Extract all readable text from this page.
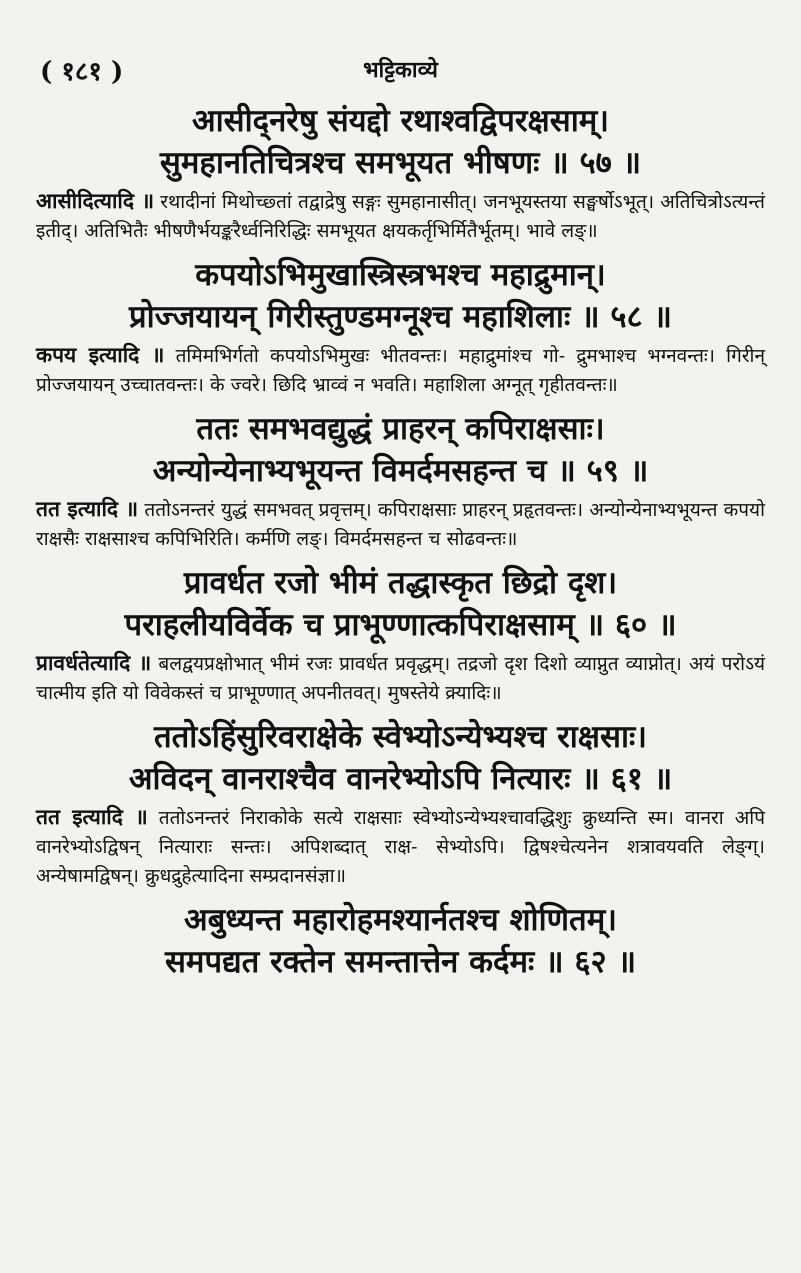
( १८१ )	भट्टिकाव्ये

आसीद्नरेषु संयद्दो रथाश्वद्विपरक्षसाम्।

सुमहानतिचित्रश्च समभूयत भीषणः ॥ ५७ ॥

आसीदित्यादि ॥ रथादीनां मिथोच्छ्तां तद्वाद्रेषु सङ्गः सुमहानासीत्। जनभूयस्तया सङ्घर्षोऽभूत्। अतिचित्रोऽत्यन्तं इतीद्। अतिभितैः भीषणैर्भयङ्करैर्ध्वनिरिद्धिः समभूयत क्षयकर्तृभिर्मितैर्भूतम्। भावे लङ्॥

कपयोऽभिमुखास्त्रिस्त्रभश्च महाद्रुमान्।

प्रोज्जयायन् गिरीस्तुण्डमग्नूश्च महाशिलाः ॥ ५८ ॥

कपय इत्यादि ॥ तमिमभिर्गतो कपयोऽभिमुखः भीतवन्तः। महाद्रुमांश्च गो- द्रुमभाश्च भग्नवन्तः। गिरीन् प्रोज्जयायन् उच्चातवन्तः। के ज्वरे। छिदि भ्राव्वं न भवति। महाशिला अग्नूत् गृहीतवन्तः॥

ततः समभवद्युद्धं प्राहरन् कपिराक्षसाः।

अन्योन्येनाभ्यभूयन्त विमर्दमसहन्त च ॥ ५९ ॥

तत इत्यादि ॥ ततोऽनन्तरं युद्धं समभवत् प्रवृत्तम्। कपिराक्षसाः प्राहरन् प्रहृतवन्तः। अन्योन्येनाभ्यभूयन्त कपयो राक्षसैः राक्षसाश्च कपिभिरिति। कर्मणि लङ्। विमर्दमसहन्त च सोढवन्तः॥

प्रावर्धत रजो भीमं तद्धास्कृत छिद्रो दृश।

पराहलीयविर्वेक च प्राभूण्णात्कपिराक्षसाम् ॥ ६० ॥

प्रावर्धतेत्यादि ॥ बलद्वयप्रक्षोभात् भीमं रजः प्रावर्धत प्रवृद्धम्। तद्रजो दृश दिशो व्याप्नुत व्याप्नोत्। अयं परोऽयं चात्मीय इति यो विवेकस्तं च प्राभूण्णात् अपनीतवत्। मुषस्तेये क्र्यादिः॥

ततोऽहिंसुरिवराक्षेके स्वेभ्योऽन्येभ्यश्च राक्षसाः।

अविदन् वानराश्चैव वानरेभ्योऽपि नित्यारः ॥ ६१ ॥

तत इत्यादि ॥ ततोऽनन्तरं निराकोके सत्ये राक्षसाः स्वेभ्योऽन्येभ्यश्चावद्धिशुः क्रुध्यन्ति स्म। वानरा अपि वानरेभ्योऽद्विषन् नित्याराः सन्तः। अपिशब्दात् राक्ष- सेभ्योऽपि। द्विषश्चेत्यनेन शत्रावयवति लेङ्ग्। अन्येषामद्विषन्। क्रुधद्रुहेत्यादिना सम्प्रदानसंज्ञा॥

अबुध्यन्त महारोहमश्यार्नतश्च शोणितम्।

समपद्यत रक्तेन समन्तात्तेन कर्दमः ॥ ६२ ॥
